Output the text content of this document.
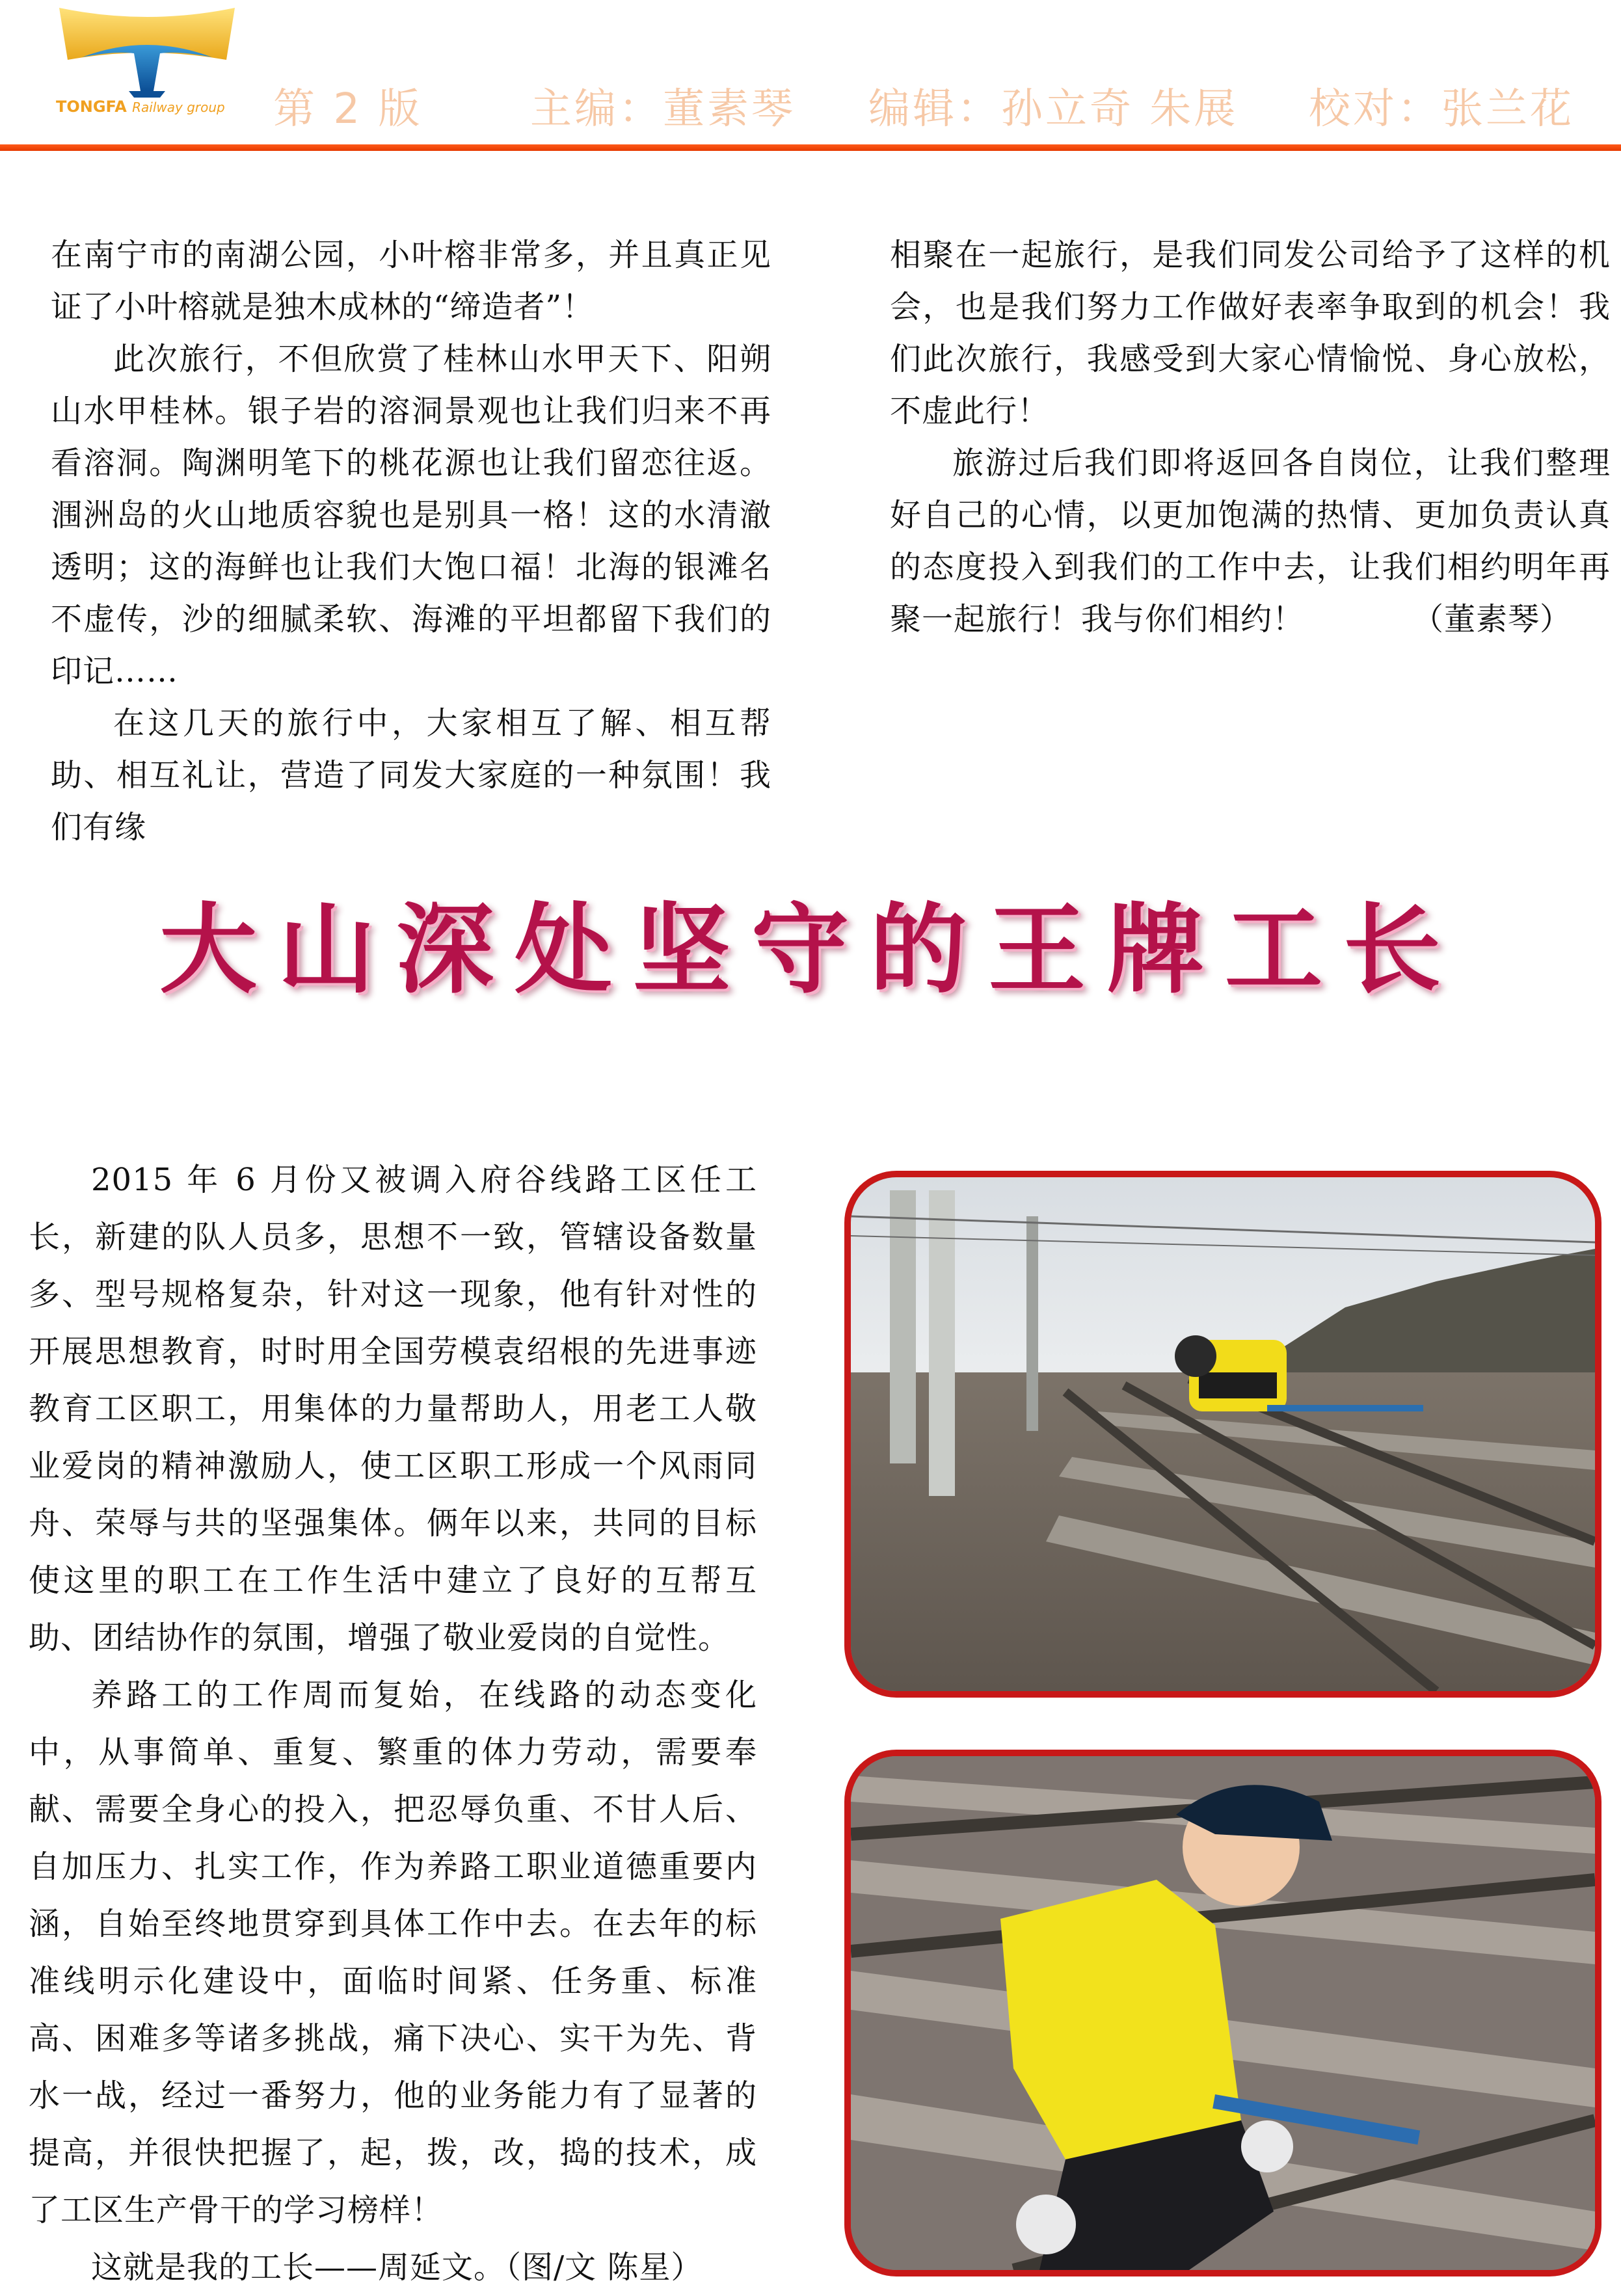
TONGFA Railway group	第 2 版	主编：董素琴 编辑：孙立奇 朱展 校对：张兰花

在南宁市的南湖公园，小叶榕非常多，并且真正见证了小叶榕就是独木成林的“缔造者”！

此次旅行，不但欣赏了桂林山水甲天下、阳朔山水甲桂林。银子岩的溶洞景观也让我们归来不再看溶洞。陶渊明笔下的桃花源也让我们留恋往返。涠洲岛的火山地质容貌也是别具一格！这的水清澈透明；这的海鲜也让我们大饱口福！北海的银滩名不虚传，沙的细腻柔软、海滩的平坦都留下我们的印记……

在这几天的旅行中，大家相互了解、相互帮助、相互礼让，营造了同发大家庭的一种氛围！我们有缘

相聚在一起旅行，是我们同发公司给予了这样的机会，也是我们努力工作做好表率争取到的机会！我们此次旅行，我感受到大家心情愉悦、身心放松，不虚此行！

旅游过后我们即将返回各自岗位，让我们整理好自己的心情，以更加饱满的热情、更加负责认真的态度投入到我们的工作中去，让我们相约明年再聚一起旅行！我与你们相约！	（董素琴）

大山深处坚守的王牌工长

2015 年 6 月份又被调入府谷线路工区任工长，新建的队人员多，思想不一致，管辖设备数量多、型号规格复杂，针对这一现象，他有针对性的开展思想教育，时时用全国劳模袁绍根的先进事迹教育工区职工，用集体的力量帮助人，用老工人敬业爱岗的精神激励人，使工区职工形成一个风雨同舟、荣辱与共的坚强集体。俩年以来，共同的目标使这里的职工在工作生活中建立了良好的互帮互助、团结协作的氛围，增强了敬业爱岗的自觉性。

养路工的工作周而复始，在线路的动态变化中，从事简单、重复、繁重的体力劳动，需要奉献、需要全身心的投入，把忍辱负重、不甘人后、自加压力、扎实工作，作为养路工职业道德重要内涵，自始至终地贯穿到具体工作中去。在去年的标准线明示化建设中，面临时间紧、任务重、标准高、困难多等诸多挑战，痛下决心、实干为先、背水一战，经过一番努力，他的业务能力有了显著的提高，并很快把握了，起，拨，改，捣的技术，成了工区生产骨干的学习榜样！

这就是我的工长——周延文。（图/文 陈星）
